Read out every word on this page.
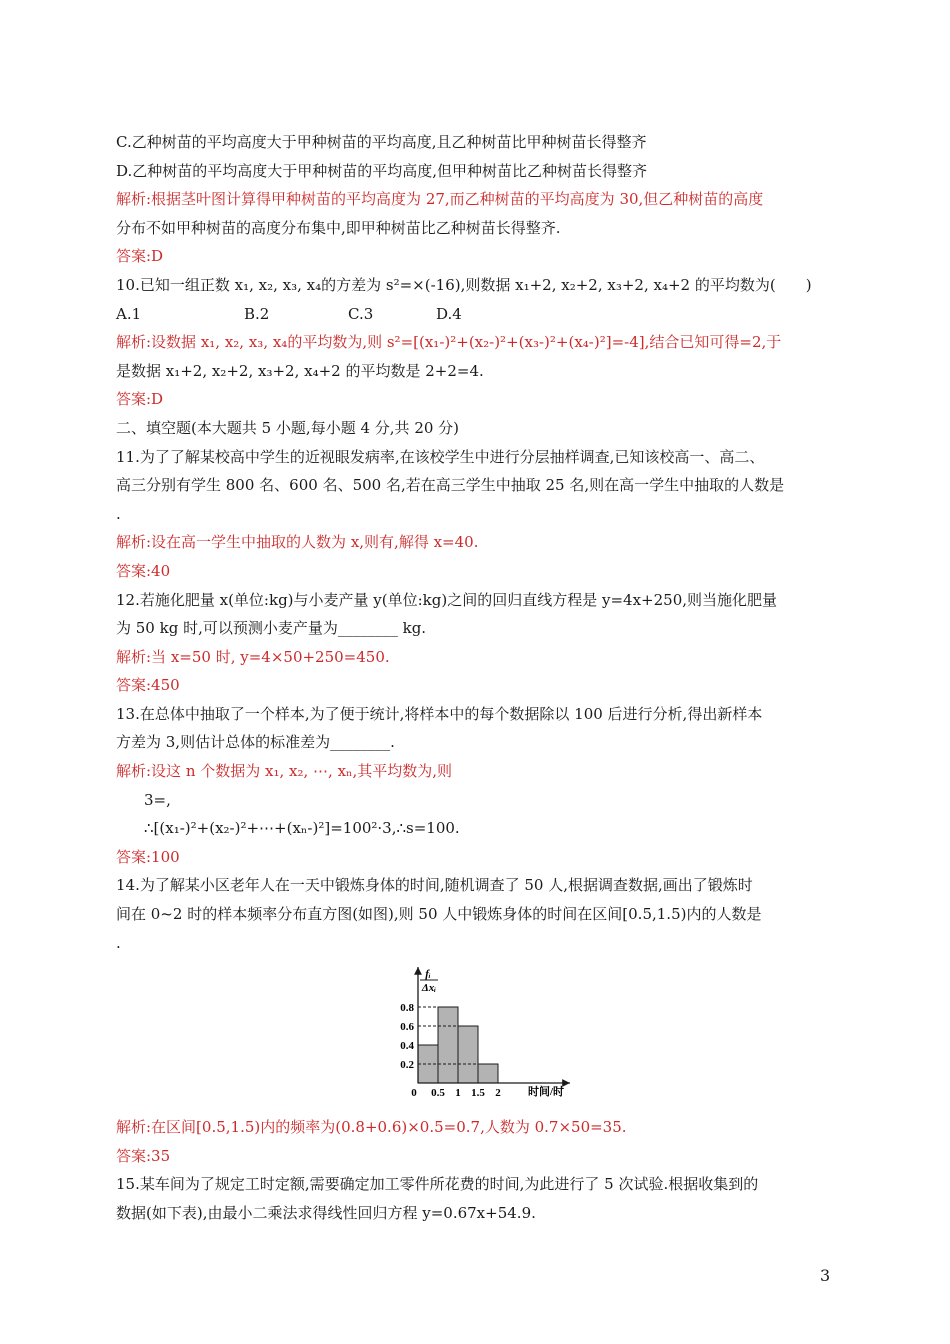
C.乙种树苗的平均高度大于甲种树苗的平均高度,且乙种树苗比甲种树苗长得整齐
D.乙种树苗的平均高度大于甲种树苗的平均高度,但甲种树苗比乙种树苗长得整齐
解析:根据茎叶图计算得甲种树苗的平均高度为 27,而乙种树苗的平均高度为 30,但乙种树苗的高度
分布不如甲种树苗的高度分布集中,即甲种树苗比乙种树苗长得整齐.
答案:D
10.已知一组正数 x₁, x₂, x₃, x₄的方差为 s²=×(-16),则数据 x₁+2, x₂+2, x₃+2, x₄+2 的平均数为(　　)
A.1	B.2	C.3	D.4
解析:设数据 x₁, x₂, x₃, x₄的平均数为,则 s²=[(x₁-)²+(x₂-)²+(x₃-)²+(x₄-)²]=-4],结合已知可得=2,于
是数据 x₁+2, x₂+2, x₃+2, x₄+2 的平均数是 2+2=4.
答案:D
二、填空题(本大题共 5 小题,每小题 4 分,共 20 分)
11.为了了解某校高中学生的近视眼发病率,在该校学生中进行分层抽样调查,已知该校高一、高二、
高三分别有学生 800 名、600 名、500 名,若在高三学生中抽取 25 名,则在高一学生中抽取的人数是
.
解析:设在高一学生中抽取的人数为 x,则有,解得 x=40.
答案:40
12.若施化肥量 x(单位:kg)与小麦产量 y(单位:kg)之间的回归直线方程是 y=4x+250,则当施化肥量
为 50 kg 时,可以预测小麦产量为________ kg.
解析:当 x=50 时, y=4×50+250=450.
答案:450
13.在总体中抽取了一个样本,为了便于统计,将样本中的每个数据除以 100 后进行分析,得出新样本
方差为 3,则估计总体的标准差为________.
解析:设这 n 个数据为 x₁, x₂, ⋯, xₙ,其平均数为,则
3=,
∴[(x₁-)²+(x₂-)²+⋯+(xₙ-)²]=100²·3,∴s=100.
答案:100
14.为了解某小区老年人在一天中锻炼身体的时间,随机调查了 50 人,根据调查数据,画出了锻炼时
间在 0~2 时的样本频率分布直方图(如图),则 50 人中锻炼身体的时间在区间[0.5,1.5)内的人数是
.
fᵢ
Δxᵢ
0.2
0.4
0.6
0.8
0 0.5 1 1.5 2 时间/时
解析:在区间[0.5,1.5)内的频率为(0.8+0.6)×0.5=0.7,人数为 0.7×50=35.
答案:35
15.某车间为了规定工时定额,需要确定加工零件所花费的时间,为此进行了 5 次试验.根据收集到的
数据(如下表),由最小二乘法求得线性回归方程 y=0.67x+54.9.
3
